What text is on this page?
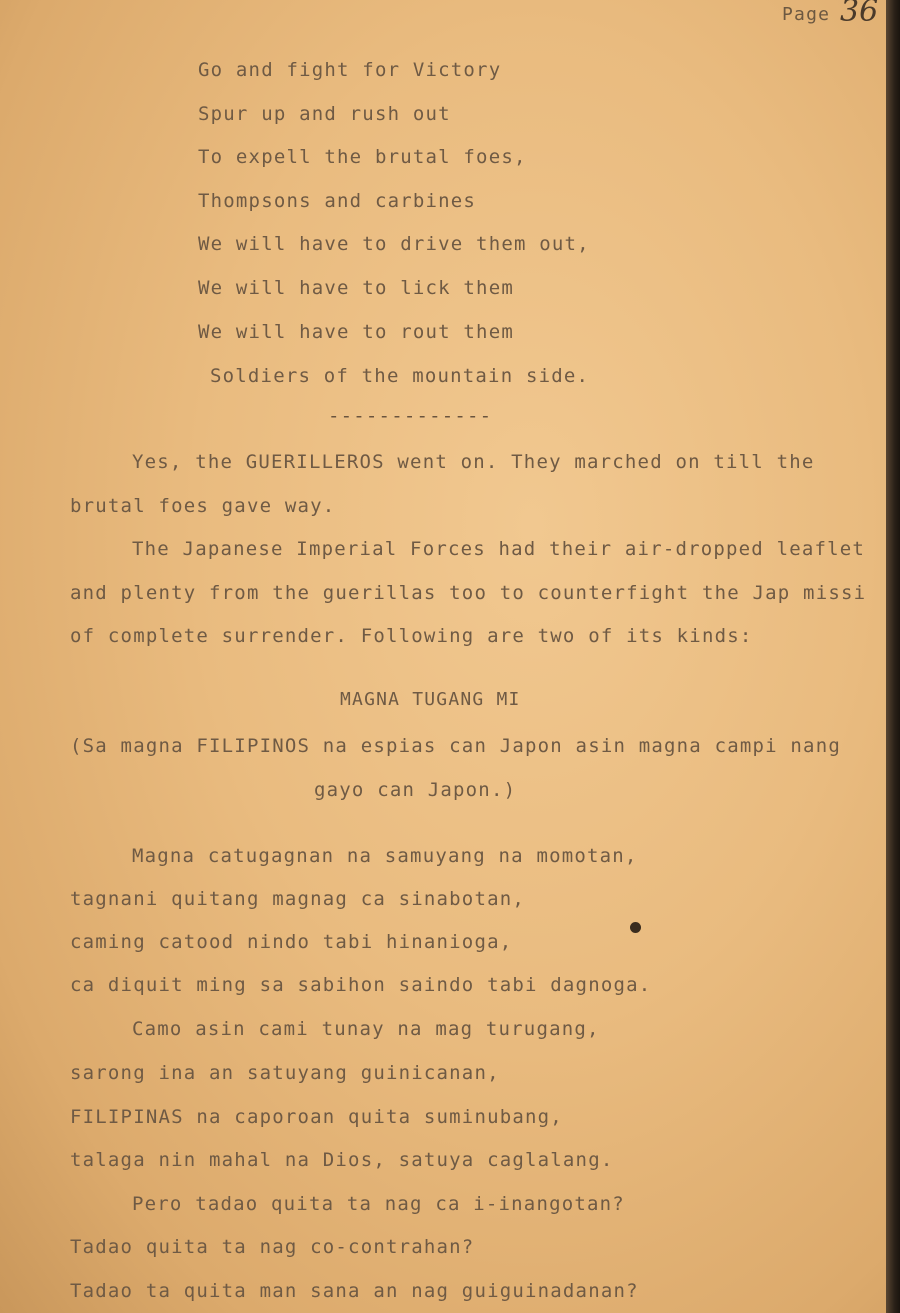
Page 36
Go and fight for Victory
Spur up and rush out
To expell the brutal foes,
Thompsons and carbines
We will have to drive them out,
We will have to lick them
We will have to rout them
Soldiers of the mountain side.
-------------
Yes, the GUERILLEROS went on. They marched on till the
brutal foes gave way.
The Japanese Imperial Forces had their air-dropped leaflet
and plenty from the guerillas too to counterfight the Jap missi
of complete surrender. Following are two of its kinds:
MAGNA TUGANG MI
(Sa magna FILIPINOS na espias can Japon asin magna campi nang
gayo can Japon.)
Magna catugagnan na samuyang na momotan,
tagnani quitang magnag ca sinabotan,
caming catood nindo tabi hinanioga,
ca diquit ming sa sabihon saindo tabi dagnoga.
Camo asin cami tunay na mag turugang,
sarong ina an satuyang guinicanan,
FILIPINAS na caporoan quita suminubang,
talaga nin mahal na Dios, satuya caglalang.
Pero tadao quita ta nag ca i-inangotan?
Tadao quita ta nag co-contrahan?
Tadao ta quita man sana an nag guiguinadanan?
